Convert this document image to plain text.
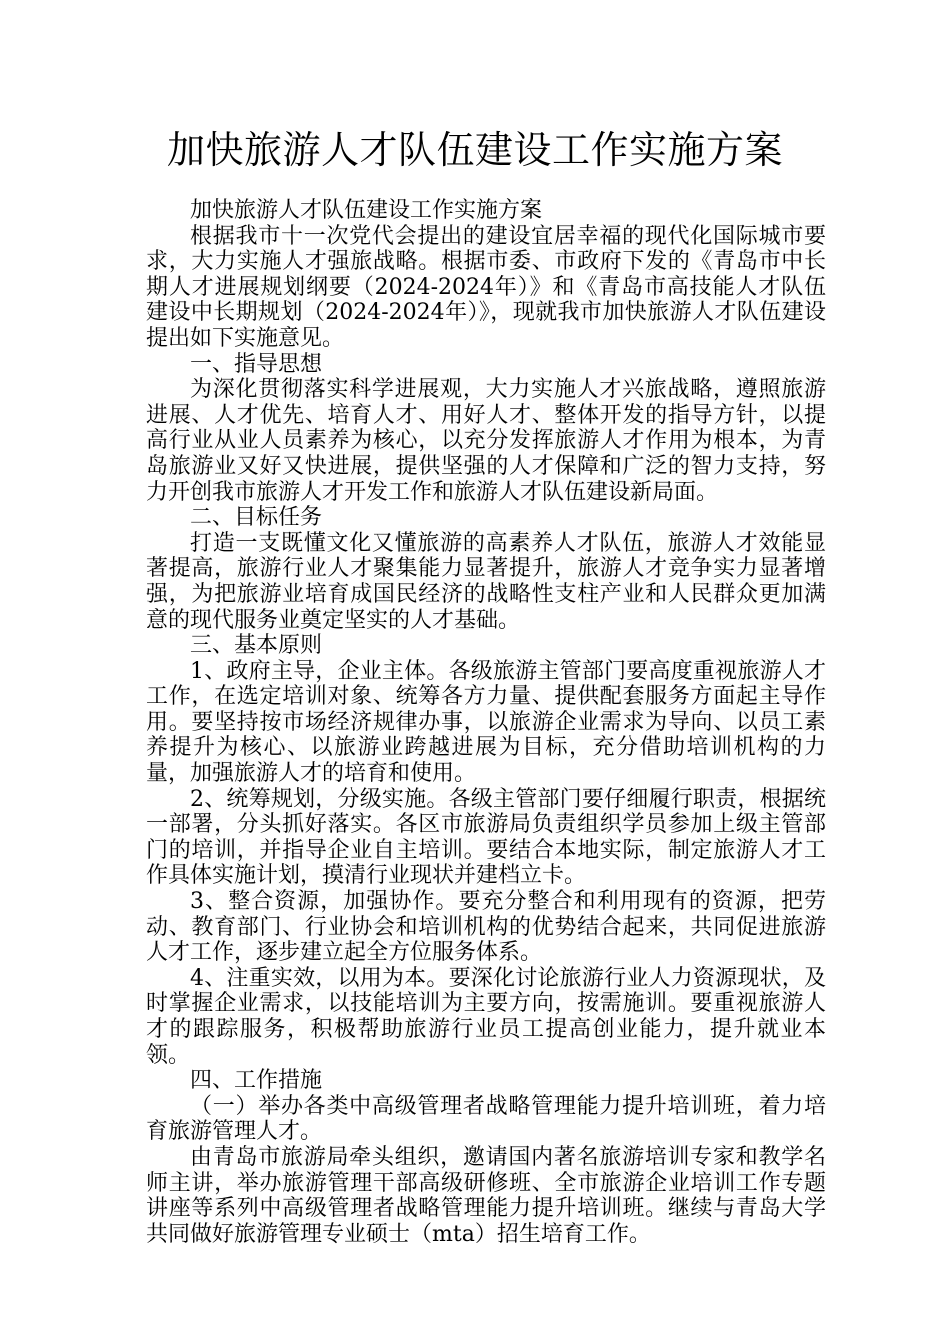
加快旅游人才队伍建设工作实施方案

加快旅游人才队伍建设工作实施方案

根据我市十一次党代会提出的建设宜居幸福的现代化国际城市要求，大力实施人才强旅战略。根据市委、市政府下发的《青岛市中长期人才进展规划纲要（2024-2024年）》和《青岛市高技能人才队伍建设中长期规划（2024-2024年）》，现就我市加快旅游人才队伍建设提出如下实施意见。

一、指导思想

为深化贯彻落实科学进展观，大力实施人才兴旅战略，遵照旅游进展、人才优先、培育人才、用好人才、整体开发的指导方针，以提高行业从业人员素养为核心，以充分发挥旅游人才作用为根本，为青岛旅游业又好又快进展，提供坚强的人才保障和广泛的智力支持，努力开创我市旅游人才开发工作和旅游人才队伍建设新局面。

二、目标任务

打造一支既懂文化又懂旅游的高素养人才队伍，旅游人才效能显著提高，旅游行业人才聚集能力显著提升，旅游人才竞争实力显著增强，为把旅游业培育成国民经济的战略性支柱产业和人民群众更加满意的现代服务业奠定坚实的人才基础。

三、基本原则

1、政府主导，企业主体。各级旅游主管部门要高度重视旅游人才工作，在选定培训对象、统筹各方力量、提供配套服务方面起主导作用。要坚持按市场经济规律办事，以旅游企业需求为导向、以员工素养提升为核心、以旅游业跨越进展为目标，充分借助培训机构的力量，加强旅游人才的培育和使用。

2、统筹规划，分级实施。各级主管部门要仔细履行职责，根据统一部署，分头抓好落实。各区市旅游局负责组织学员参加上级主管部门的培训，并指导企业自主培训。要结合本地实际，制定旅游人才工作具体实施计划，摸清行业现状并建档立卡。

3、整合资源，加强协作。要充分整合和利用现有的资源，把劳动、教育部门、行业协会和培训机构的优势结合起来，共同促进旅游人才工作，逐步建立起全方位服务体系。

4、注重实效，以用为本。要深化讨论旅游行业人力资源现状，及时掌握企业需求，以技能培训为主要方向，按需施训。要重视旅游人才的跟踪服务，积极帮助旅游行业员工提高创业能力，提升就业本领。

四、工作措施

（一）举办各类中高级管理者战略管理能力提升培训班，着力培育旅游管理人才。

由青岛市旅游局牵头组织，邀请国内著名旅游培训专家和教学名师主讲，举办旅游管理干部高级研修班、全市旅游企业培训工作专题讲座等系列中高级管理者战略管理能力提升培训班。继续与青岛大学共同做好旅游管理专业硕士（mta）招生培育工作。
